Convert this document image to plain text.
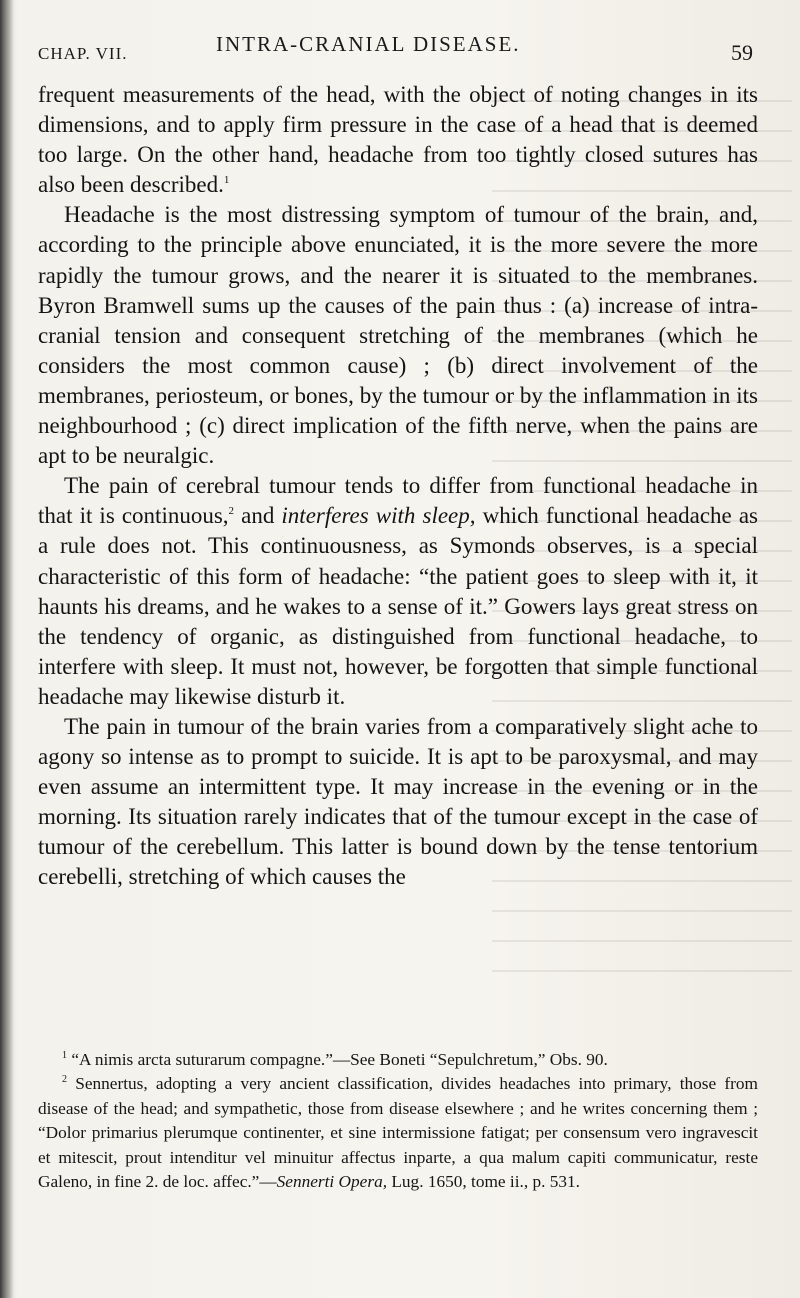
CHAP. VII.	INTRA-CRANIAL DISEASE.	59

frequent measurements of the head, with the object of noting changes in its dimensions, and to apply firm pressure in the case of a head that is deemed too large. On the other hand, headache from too tightly closed sutures has also been described.$^1$

Headache is the most distressing symptom of tumour of the brain, and, according to the principle above enunciated, it is the more severe the more rapidly the tumour grows, and the nearer it is situated to the membranes. Byron Bramwell sums up the causes of the pain thus : (a) increase of intra-cranial tension and consequent stretching of the membranes (which he considers the most common cause) ; (b) direct involvement of the membranes, periosteum, or bones, by the tumour or by the inflammation in its neighbourhood ; (c) direct implication of the fifth nerve, when the pains are apt to be neuralgic.

The pain of cerebral tumour tends to differ from functional headache in that it is continuous,$^2$ and interferes with sleep, which functional headache as a rule does not. This continuousness, as Symonds observes, is a special characteristic of this form of headache: “the patient goes to sleep with it, it haunts his dreams, and he wakes to a sense of it.” Gowers lays great stress on the tendency of organic, as distinguished from functional headache, to interfere with sleep. It must not, however, be forgotten that simple functional headache may likewise disturb it.

The pain in tumour of the brain varies from a comparatively slight ache to agony so intense as to prompt to suicide. It is apt to be paroxysmal, and may even assume an intermittent type. It may increase in the evening or in the morning. Its situation rarely indicates that of the tumour except in the case of tumour of the cerebellum. This latter is bound down by the tense tentorium cerebelli, stretching of which causes the

$^1$ “A nimis arcta suturarum compagne.”—See Boneti “Sepulchretum,” Obs. 90.

$^2$ Sennertus, adopting a very ancient classification, divides headaches into primary, those from disease of the head; and sympathetic, those from disease elsewhere ; and he writes concerning them ; “Dolor primarius plerumque continenter, et sine intermissione fatigat; per consensum vero ingravescit et mitescit, prout intenditur vel minuitur affectus inparte, a qua malum capiti communicatur, reste Galeno, in fine 2. de loc. affec.”—Sennerti Opera, Lug. 1650, tome ii., p. 531.
